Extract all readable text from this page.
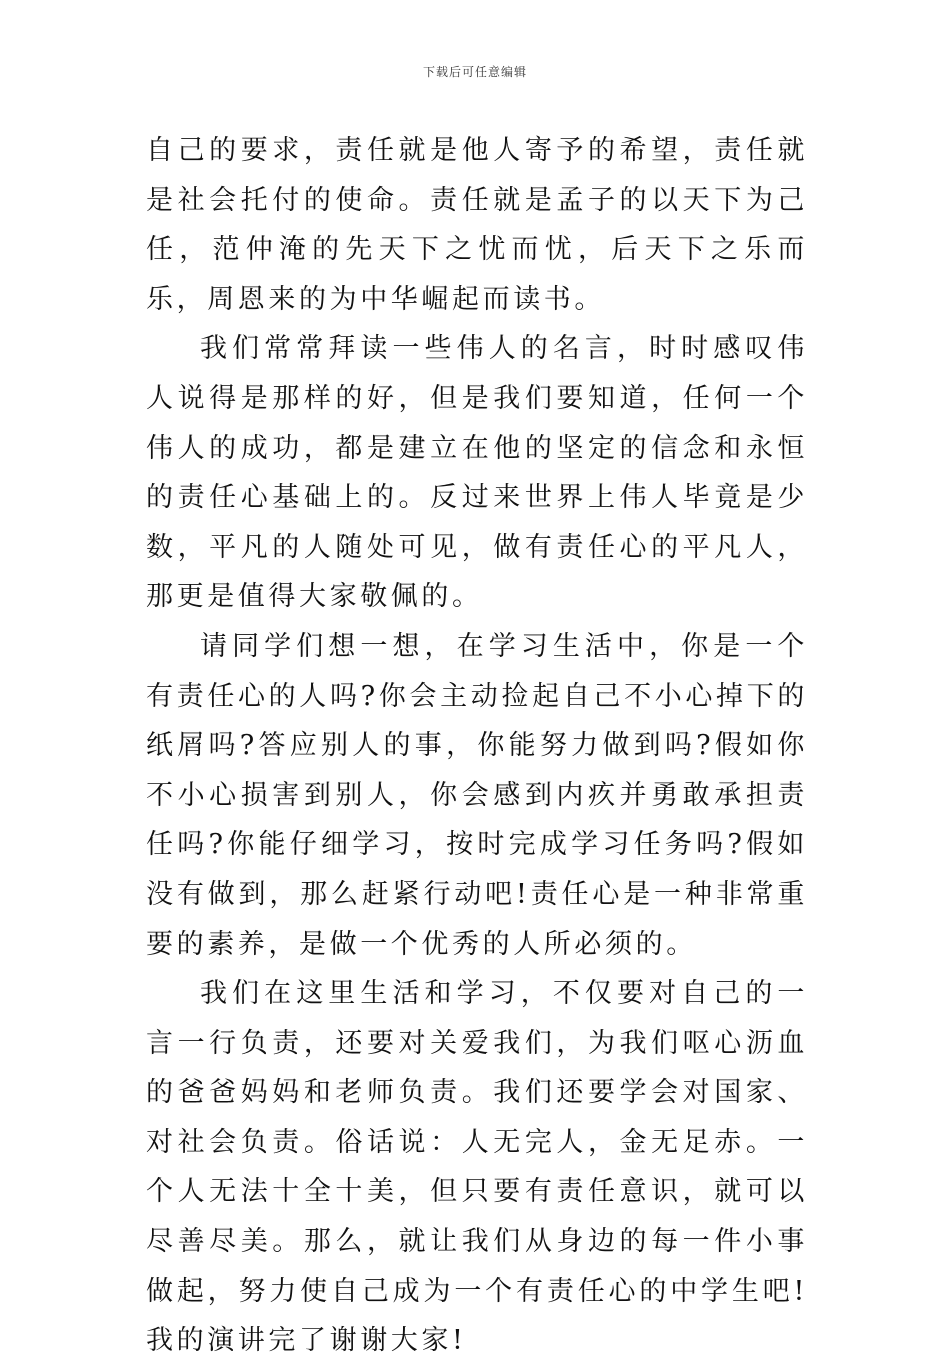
下载后可任意编辑

自己的要求，责任就是他人寄予的希望，责任就是社会托付的使命。责任就是孟子的以天下为己任，范仲淹的先天下之忧而忧，后天下之乐而乐，周恩来的为中华崛起而读书。

我们常常拜读一些伟人的名言，时时感叹伟人说得是那样的好，但是我们要知道，任何一个伟人的成功，都是建立在他的坚定的信念和永恒的责任心基础上的。反过来世界上伟人毕竟是少数，平凡的人随处可见，做有责任心的平凡人，那更是值得大家敬佩的。

请同学们想一想，在学习生活中，你是一个有责任心的人吗?你会主动捡起自己不小心掉下的纸屑吗?答应别人的事，你能努力做到吗?假如你不小心损害到别人，你会感到内疚并勇敢承担责任吗?你能仔细学习，按时完成学习任务吗?假如没有做到，那么赶紧行动吧!责任心是一种非常重要的素养，是做一个优秀的人所必须的。

我们在这里生活和学习，不仅要对自己的一言一行负责，还要对关爱我们，为我们呕心沥血的爸爸妈妈和老师负责。我们还要学会对国家、对社会负责。俗话说：人无完人，金无足赤。一个人无法十全十美，但只要有责任意识，就可以尽善尽美。那么，就让我们从身边的每一件小事做起，努力使自己成为一个有责任心的中学生吧!我的演讲完了谢谢大家!
